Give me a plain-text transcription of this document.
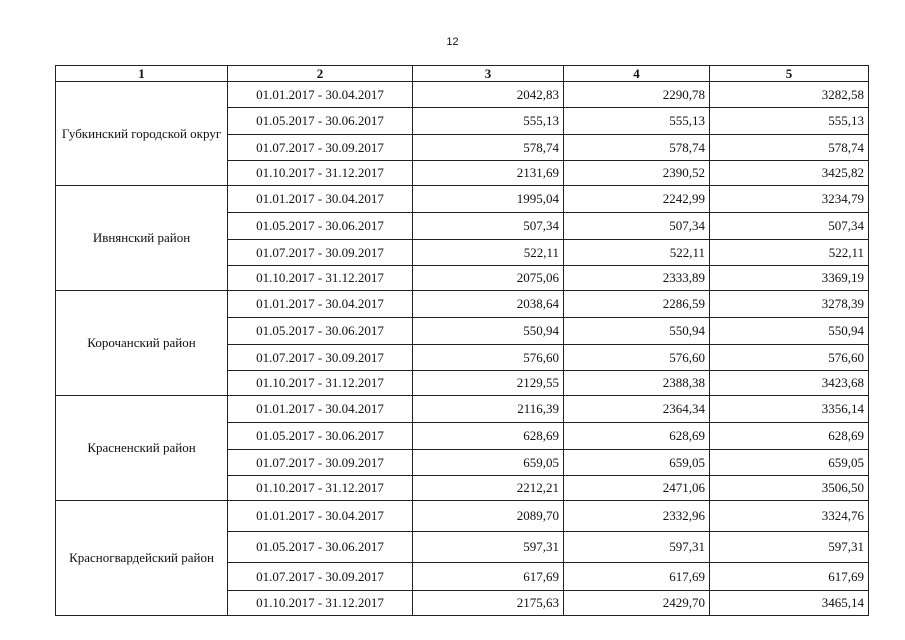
12
1	2	3	4	5
Губкинский городской округ	01.01.2017 - 30.04.2017	2042,83	2290,78	3282,58
	01.05.2017 - 30.06.2017	555,13	555,13	555,13
	01.07.2017 - 30.09.2017	578,74	578,74	578,74
	01.10.2017 - 31.12.2017	2131,69	2390,52	3425,82
Ивнянский район	01.01.2017 - 30.04.2017	1995,04	2242,99	3234,79
	01.05.2017 - 30.06.2017	507,34	507,34	507,34
	01.07.2017 - 30.09.2017	522,11	522,11	522,11
	01.10.2017 - 31.12.2017	2075,06	2333,89	3369,19
Корочанский район	01.01.2017 - 30.04.2017	2038,64	2286,59	3278,39
	01.05.2017 - 30.06.2017	550,94	550,94	550,94
	01.07.2017 - 30.09.2017	576,60	576,60	576,60
	01.10.2017 - 31.12.2017	2129,55	2388,38	3423,68
Красненский район	01.01.2017 - 30.04.2017	2116,39	2364,34	3356,14
	01.05.2017 - 30.06.2017	628,69	628,69	628,69
	01.07.2017 - 30.09.2017	659,05	659,05	659,05
	01.10.2017 - 31.12.2017	2212,21	2471,06	3506,50
Красногвардейский район	01.01.2017 - 30.04.2017	2089,70	2332,96	3324,76
	01.05.2017 - 30.06.2017	597,31	597,31	597,31
	01.07.2017 - 30.09.2017	617,69	617,69	617,69
	01.10.2017 - 31.12.2017	2175,63	2429,70	3465,14
